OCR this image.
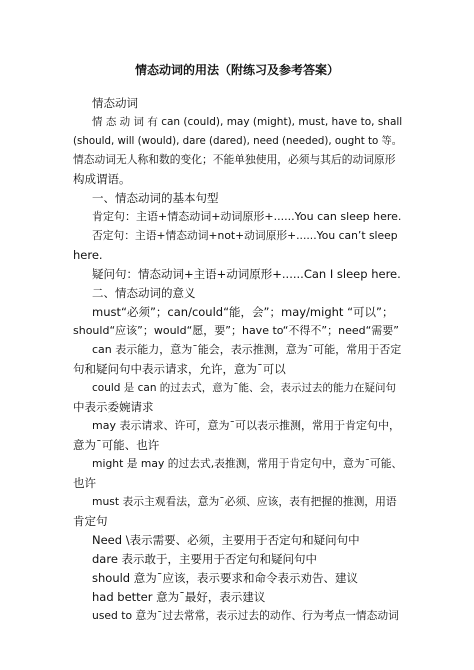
情态动词的用法（附练习及参考答案）
情态动词
情 态 动 词 有 can (could), may (might), must, have to, shall
(should, will (would), dare (dared), need (needed), ought to 等。
情态动词无人称和数的变化；不能单独使用，必须与其后的动词原形
构成谓语。
一、情态动词的基本句型
肯定句：主语+情态动词+动词原形+......You can sleep here.
否定句：主语+情态动词+not+动词原形+......You can’t sleep
here.
疑问句：情态动词+主语+动词原形+......Can I sleep here.
二、情态动词的意义
must“必须”；can/could“能，会”；may/might “可以”；
should“应该”；would“愿，要”；have to“不得不”；need“需要”
can 表示能力，意为¯能会，表示推测，意为¯可能，常用于否定
句和疑问句中表示请求，允许，意为¯可以
could 是 can 的过去式，意为¯能、会，表示过去的能力在疑问句
中表示委婉请求
may 表示请求、许可，意为¯可以表示推测，常用于肯定句中，
意为¯可能、也许
might 是 may 的过去式,表推测，常用于肯定句中，意为¯可能、
也许
must 表示主观看法，意为¯必须、应该，表有把握的推测，用语
肯定句
Need \表示需要、必须，主要用于否定句和疑问句中
dare 表示敢于，主要用于否定句和疑问句中
should 意为¯应该，表示要求和命令表示劝告、建议
had better 意为¯最好，表示建议
used to 意为¯过去常常，表示过去的动作、行为考点一情态动词
